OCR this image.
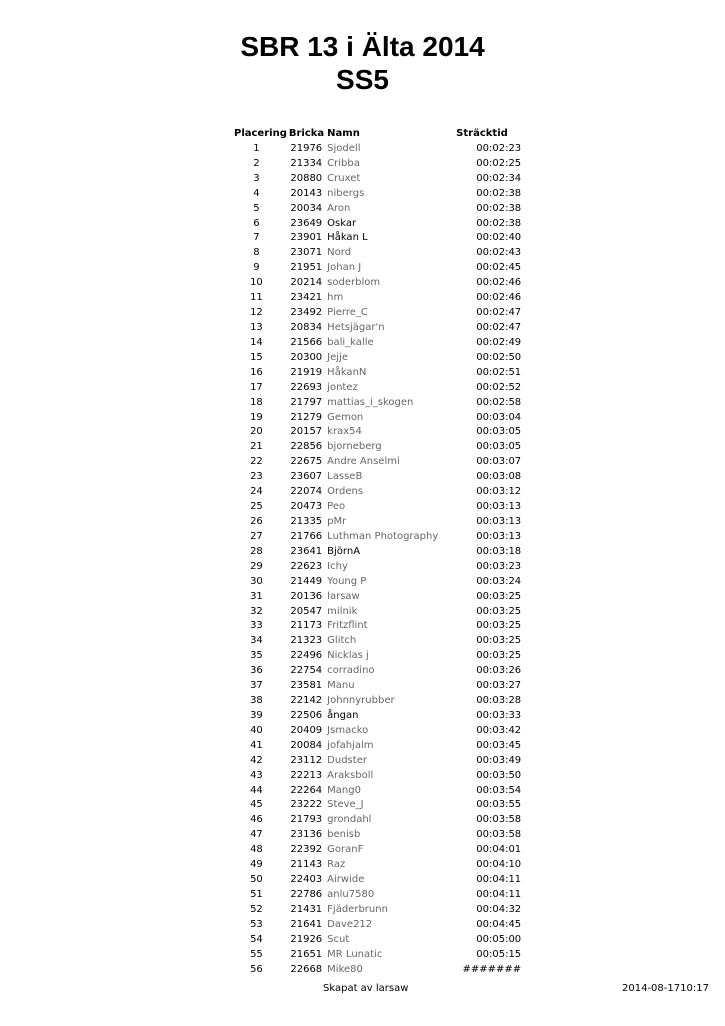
SBR 13 i Älta 2014
SS5
Placering	Bricka	Namn	Sträcktid
1	21976	Sjodell	00:02:23
2	21334	Cribba	00:02:25
3	20880	Cruxet	00:02:34
4	20143	nibergs	00:02:38
5	20034	Aron	00:02:38
6	23649	Oskar	00:02:38
7	23901	Håkan L	00:02:40
8	23071	Nord	00:02:43
9	21951	Johan J	00:02:45
10	20214	soderblom	00:02:46
11	23421	hm	00:02:46
12	23492	Pierre_C	00:02:47
13	20834	Hetsjägar'n	00:02:47
14	21566	bali_kalle	00:02:49
15	20300	Jejje	00:02:50
16	21919	HåkanN	00:02:51
17	22693	jontez	00:02:52
18	21797	mattias_i_skogen	00:02:58
19	21279	Gemon	00:03:04
20	20157	krax54	00:03:05
21	22856	bjorneberg	00:03:05
22	22675	Andre Anselmi	00:03:07
23	23607	LasseB	00:03:08
24	22074	Ordens	00:03:12
25	20473	Peo	00:03:13
26	21335	pMr	00:03:13
27	21766	Luthman Photography	00:03:13
28	23641	BjörnA	00:03:18
29	22623	Ichy	00:03:23
30	21449	Young P	00:03:24
31	20136	larsaw	00:03:25
32	20547	milnik	00:03:25
33	21173	Fritzflint	00:03:25
34	21323	Glitch	00:03:25
35	22496	Nicklas j	00:03:25
36	22754	corradino	00:03:26
37	23581	Manu	00:03:27
38	22142	Johnnyrubber	00:03:28
39	22506	ångan	00:03:33
40	20409	Jsmacko	00:03:42
41	20084	jofahjalm	00:03:45
42	23112	Dudster	00:03:49
43	22213	Araksboll	00:03:50
44	22264	Mang0	00:03:54
45	23222	Steve_J	00:03:55
46	21793	grondahl	00:03:58
47	23136	benisb	00:03:58
48	22392	GoranF	00:04:01
49	21143	Raz	00:04:10
50	22403	Airwide	00:04:11
51	22786	anlu7580	00:04:11
52	21431	Fjäderbrunn	00:04:32
53	21641	Dave212	00:04:45
54	21926	Scut	00:05:00
55	21651	MR Lunatic	00:05:15
56	22668	Mike80	#######
Skapat av larsaw	2014-08-1710:17
